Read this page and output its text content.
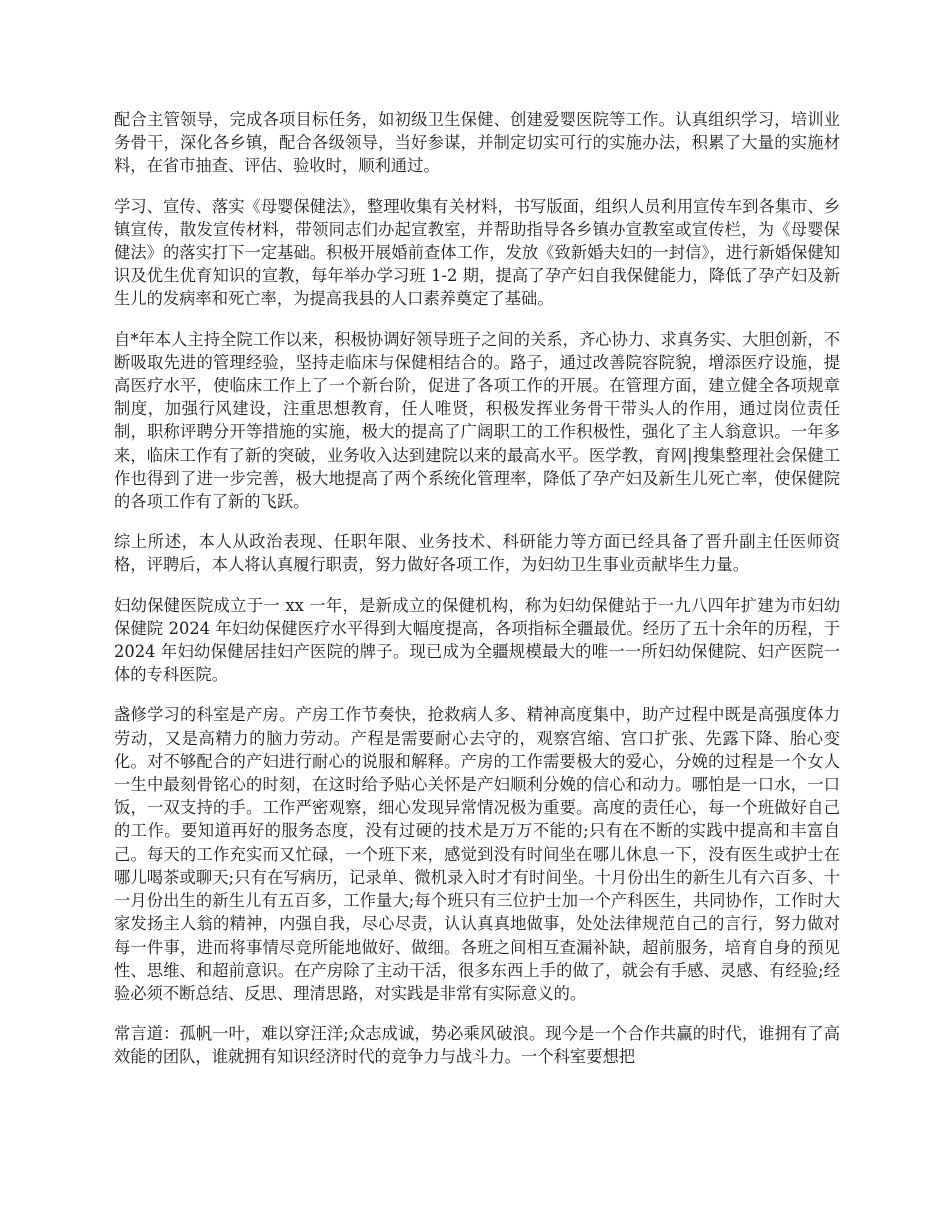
配合主管领导，完成各项目标任务，如初级卫生保健、创建爱婴医院等工作。认真组织学习，培训业务骨干，深化各乡镇，配合各级领导，当好参谋，并制定切实可行的实施办法，积累了大量的实施材料，在省市抽查、评估、验收时，顺利通过。

学习、宣传、落实《母婴保健法》，整理收集有关材料，书写版面，组织人员利用宣传车到各集市、乡镇宣传，散发宣传材料，带领同志们办起宣教室，并帮助指导各乡镇办宣教室或宣传栏，为《母婴保健法》的落实打下一定基础。积极开展婚前查体工作，发放《致新婚夫妇的一封信》，进行新婚保健知识及优生优育知识的宣教，每年举办学习班 1-2 期，提高了孕产妇自我保健能力，降低了孕产妇及新生儿的发病率和死亡率，为提高我县的人口素养奠定了基础。

自*年本人主持全院工作以来，积极协调好领导班子之间的关系，齐心协力、求真务实、大胆创新，不断吸取先进的管理经验，坚持走临床与保健相结合的。路子，通过改善院容院貌，增添医疗设施，提高医疗水平，使临床工作上了一个新台阶，促进了各项工作的开展。在管理方面，建立健全各项规章制度，加强行风建设，注重思想教育，任人唯贤，积极发挥业务骨干带头人的作用，通过岗位责任制，职称评聘分开等措施的实施，极大的提高了广阔职工的工作积极性，强化了主人翁意识。一年多来，临床工作有了新的突破，业务收入达到建院以来的最高水平。医学教，育网|搜集整理社会保健工作也得到了进一步完善，极大地提高了两个系统化管理率，降低了孕产妇及新生儿死亡率，使保健院的各项工作有了新的飞跃。

综上所述，本人从政治表现、任职年限、业务技术、科研能力等方面已经具备了晋升副主任医师资格，评聘后，本人将认真履行职责，努力做好各项工作，为妇幼卫生事业贡献毕生力量。

妇幼保健医院成立于一 xx 一年，是新成立的保健机构，称为妇幼保健站于一九八四年扩建为市妇幼保健院 2024 年妇幼保健医疗水平得到大幅度提高，各项指标全疆最优。经历了五十余年的历程，于 2024 年妇幼保健居挂妇产医院的牌子。现已成为全疆规模最大的唯一一所妇幼保健院、妇产医院一体的专科医院。

盏修学习的科室是产房。产房工作节奏快，抢救病人多、精神高度集中，助产过程中既是高强度体力劳动，又是高精力的脑力劳动。产程是需要耐心去守的，观察宫缩、宫口扩张、先露下降、胎心变化。对不够配合的产妇进行耐心的说服和解释。产房的工作需要极大的爱心，分娩的过程是一个女人一生中最刻骨铭心的时刻，在这时给予贴心关怀是产妇顺利分娩的信心和动力。哪怕是一口水，一口饭，一双支持的手。工作严密观察，细心发现异常情况极为重要。高度的责任心，每一个班做好自己的工作。要知道再好的服务态度，没有过硬的技术是万万不能的;只有在不断的实践中提高和丰富自己。每天的工作充实而又忙碌，一个班下来，感觉到没有时间坐在哪儿休息一下，没有医生或护士在哪儿喝茶或聊天;只有在写病历，记录单、微机录入时才有时间坐。十月份出生的新生儿有六百多、十一月份出生的新生儿有五百多，工作量大;每个班只有三位护士加一个产科医生，共同协作，工作时大家发扬主人翁的精神，内强自我，尽心尽责，认认真真地做事，处处法律规范自己的言行，努力做对每一件事，进而将事情尽竞所能地做好、做细。各班之间相互查漏补缺，超前服务，培育自身的预见性、思维、和超前意识。在产房除了主动干活，很多东西上手的做了，就会有手感、灵感、有经验;经验必须不断总结、反思、理清思路，对实践是非常有实际意义的。

常言道：孤帆一叶，难以穿汪洋;众志成诚，势必乘风破浪。现今是一个合作共赢的时代，谁拥有了高效能的团队，谁就拥有知识经济时代的竞争力与战斗力。一个科室要想把
